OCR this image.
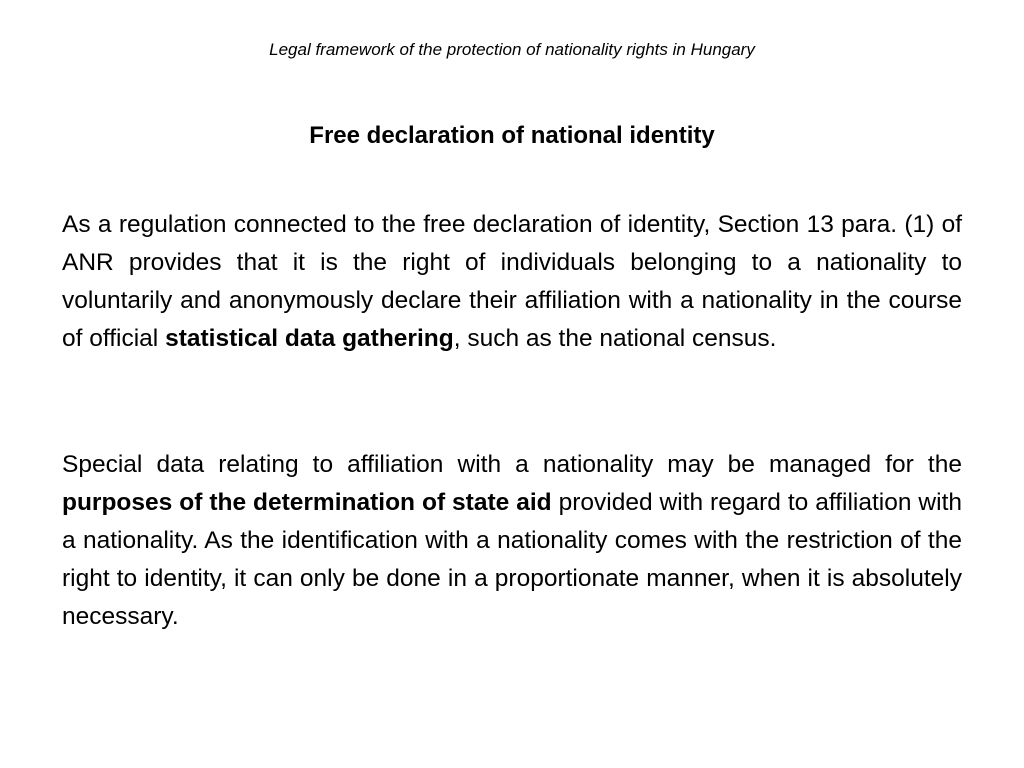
Legal framework of the protection of nationality rights in Hungary
Free declaration of national identity

As a regulation connected to the free declaration of identity, Section 13 para. (1) of ANR provides that it is the right of individuals belonging to a nationality to voluntarily and anonymously declare their affiliation with a nationality in the course of official statistical data gathering, such as the national census.

Special data relating to affiliation with a nationality may be managed for the purposes of the determination of state aid provided with regard to affiliation with a nationality. As the identification with a nationality comes with the restriction of the right to identity, it can only be done in a proportionate manner, when it is absolutely necessary.
